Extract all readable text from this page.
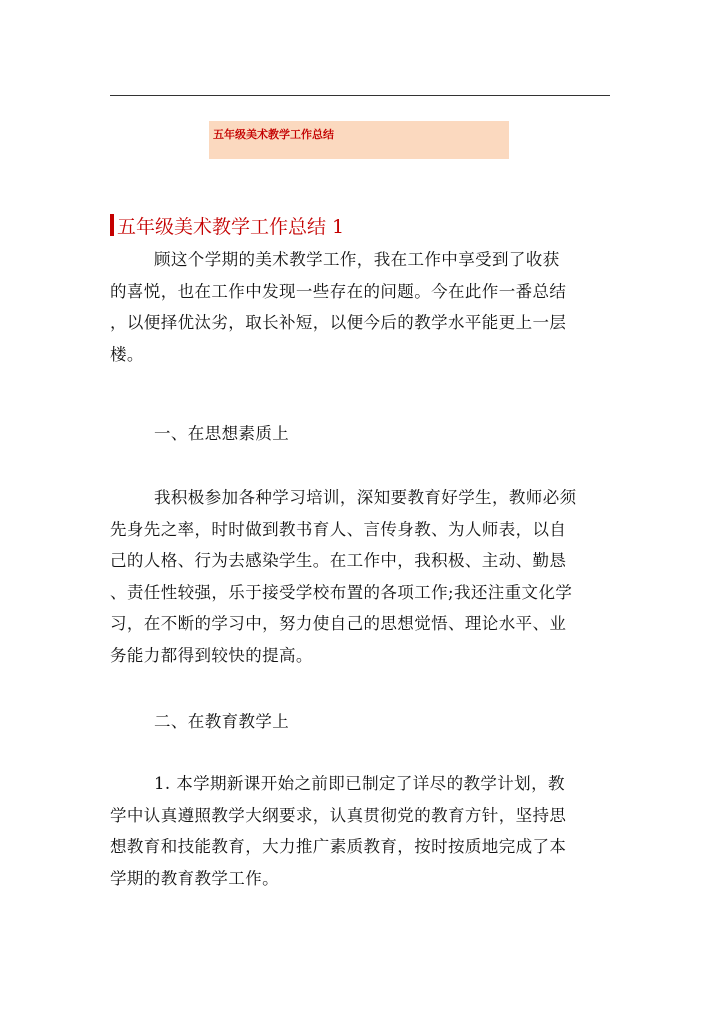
五年级美术教学工作总结
五年级美术教学工作总结 1

顾这个学期的美术教学工作，我在工作中享受到了收获
的喜悦，也在工作中发现一些存在的问题。今在此作一番总结
，以便择优汰劣，取长补短，以便今后的教学水平能更上一层
楼。

一、在思想素质上

我积极参加各种学习培训，深知要教育好学生，教师必须
先身先之率，时时做到教书育人、言传身教、为人师表，以自
己的人格、行为去感染学生。在工作中，我积极、主动、勤恳
、责任性较强，乐于接受学校布置的各项工作;我还注重文化学
习，在不断的学习中，努力使自己的思想觉悟、理论水平、业
务能力都得到较快的提高。

二、在教育教学上

1. 本学期新课开始之前即已制定了详尽的教学计划，教
学中认真遵照教学大纲要求，认真贯彻党的教育方针，坚持思
想教育和技能教育，大力推广素质教育，按时按质地完成了本
学期的教育教学工作。
